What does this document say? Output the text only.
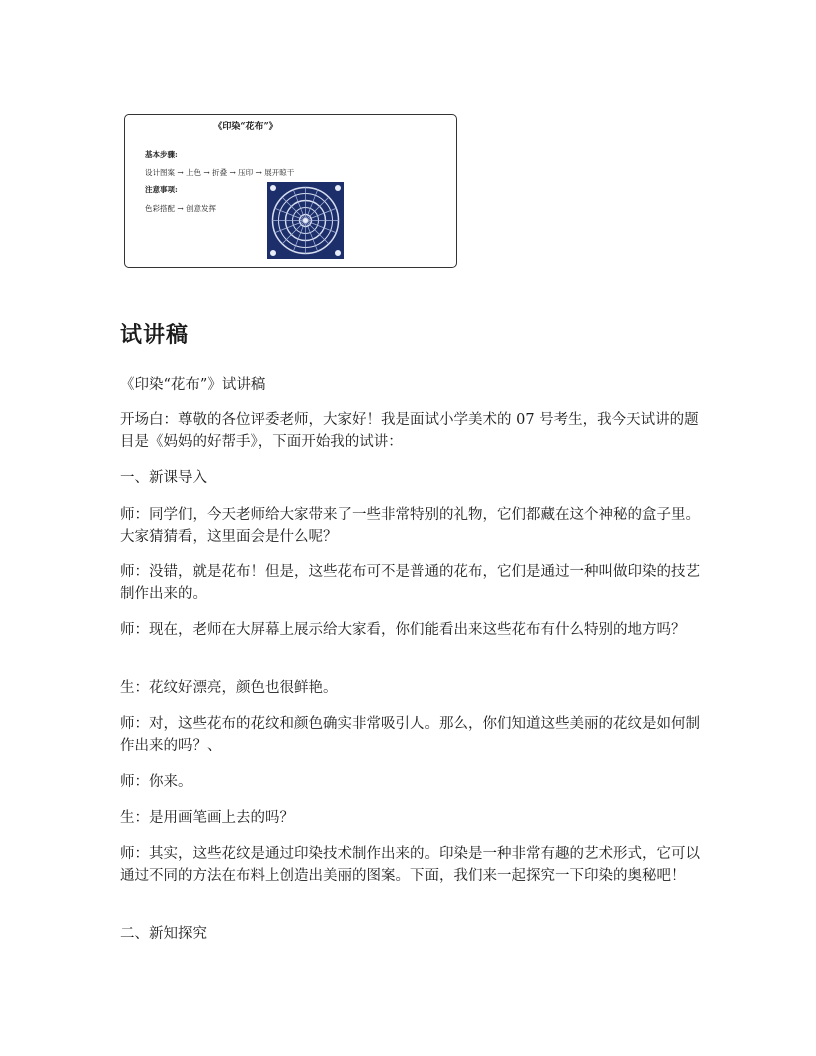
《印染“花布”》
基本步骤:
设计图案 → 上色 → 折叠 → 压印 → 展开晾干
注意事项:
色彩搭配 → 创意发挥
试讲稿

《印染“花布”》试讲稿

开场白：尊敬的各位评委老师，大家好！我是面试小学美术的 07 号考生，我今天试讲的题目是《妈妈的好帮手》，下面开始我的试讲：

一、新课导入

师：同学们，今天老师给大家带来了一些非常特别的礼物，它们都藏在这个神秘的盒子里。大家猜猜看，这里面会是什么呢？

师：没错，就是花布！但是，这些花布可不是普通的花布，它们是通过一种叫做印染的技艺制作出来的。

师：现在，老师在大屏幕上展示给大家看，你们能看出来这些花布有什么特别的地方吗？

生：花纹好漂亮，颜色也很鲜艳。

师：对，这些花布的花纹和颜色确实非常吸引人。那么，你们知道这些美丽的花纹是如何制作出来的吗？、

师：你来。

生：是用画笔画上去的吗？

师：其实，这些花纹是通过印染技术制作出来的。印染是一种非常有趣的艺术形式，它可以通过不同的方法在布料上创造出美丽的图案。下面，我们来一起探究一下印染的奥秘吧！

二、新知探究
